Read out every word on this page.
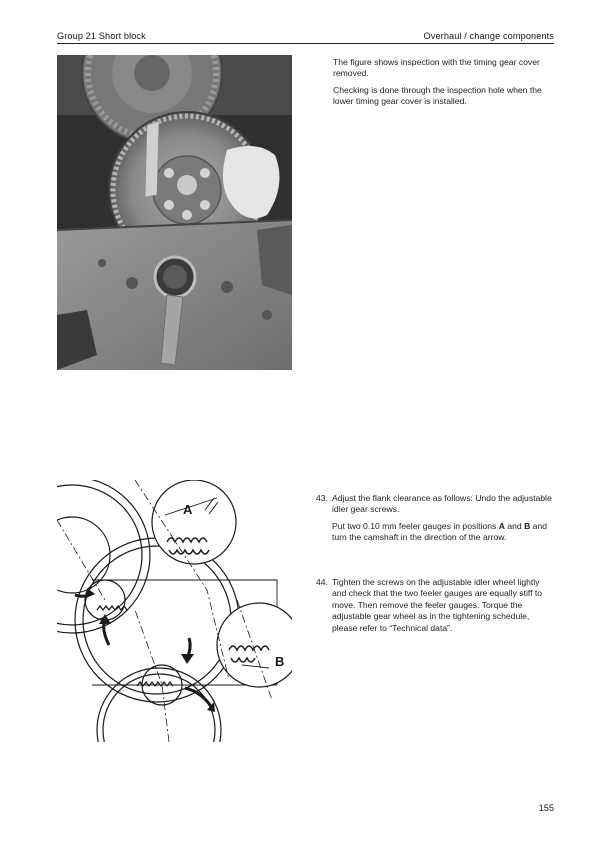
Group 21 Short block	Overhaul / change components
A
B

The figure shows inspection with the timing gear cover removed.

Checking is done through the inspection hole when the lower timing gear cover is installed.

43. Adjust the flank clearance as follows: Undo the adjustable idler gear screws.

Put two 0.10 mm feeler gauges in positions A and B and turn the camshaft in the direction of the arrow.

44. Tighten the screws on the adjustable idler wheel lightly and check that the two feeler gauges are equally stiff to move. Then remove the feeler gauges. Torque the adjustable gear wheel as in the tightening schedule, please refer to “Technical data”.

155
